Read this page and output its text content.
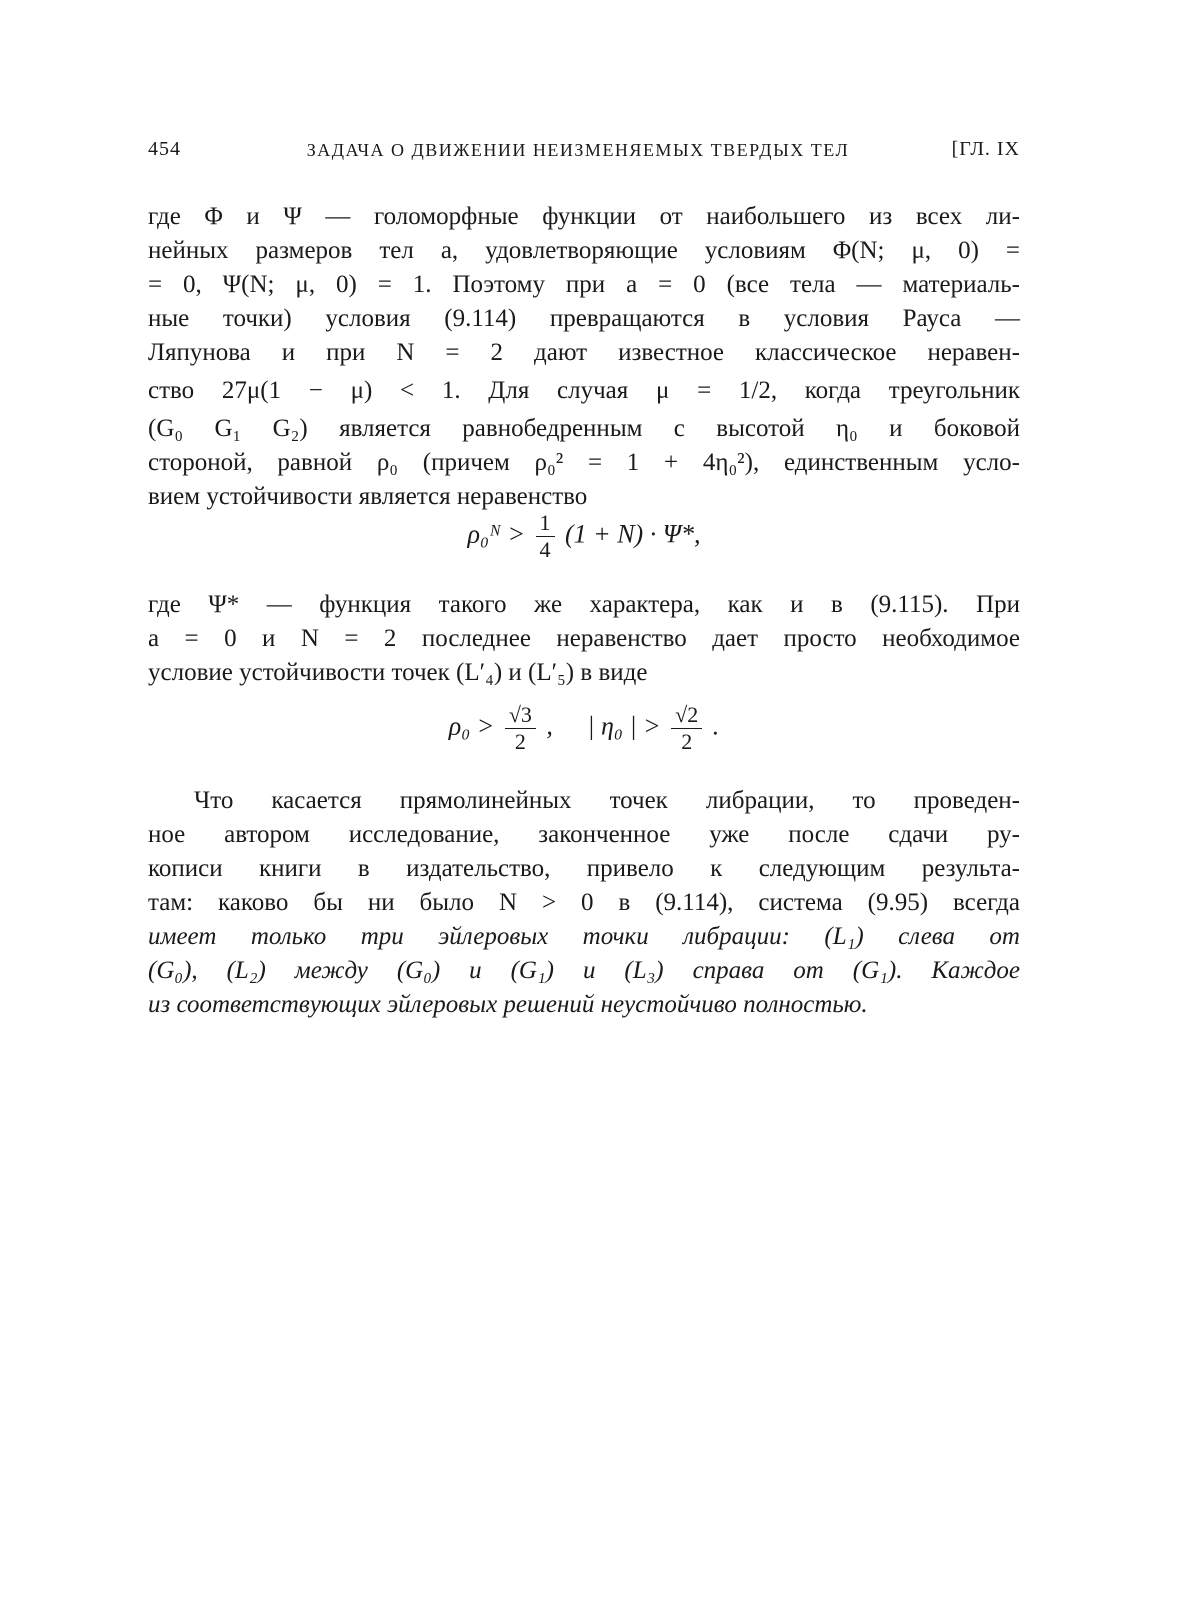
454	ЗАДАЧА О ДВИЖЕНИИ НЕИЗМЕНЯЕМЫХ ТВЕРДЫХ ТЕЛ	[ГЛ. IX
где Φ и Ψ — голоморфные функции от наибольшего из всех ли-
нейных размеров тел a, удовлетворяющие условиям Φ(N; μ, 0) =
= 0, Ψ(N; μ, 0) = 1. Поэтому при a = 0 (все тела — материаль-
ные точки) условия (9.114) превращаются в условия Рауса —
Ляпунова и при N = 2 дают известное классическое неравен-
ство 27μ(1 − μ) < 1. Для случая μ = 1/2, когда треугольник
(G₀ G₁ G₂) является равнобедренным с высотой η₀ и боковой
стороной, равной ρ₀ (причем ρ₀² = 1 + 4η₀²), единственным усло-
вием устойчивости является неравенство
ρ₀ᴺ > $\frac{1}{4} (1 + N) \cdot \Psi*$,
где Ψ* — функция такого же характера, как и в (9.115). При
a = 0 и N = 2 последнее неравенство дает просто необходимое
условие устойчивости точек (L′₄) и (L′₅) в виде
$\rho_0 > \frac{√3}{2}$ , | η₀ | > $\frac{√2}{2}$ .
Что касается прямолинейных точек либрации, то проведен-
ное автором исследование, законченное уже после сдачи ру-
кописи книги в издательство, привело к следующим результа-
там: каково бы ни было N > 0 в (9.114), система (9.95) всегда
имеет только три эйлеровых точки либрации: (L₁) слева от
(G₀), (L₂) между (G₀) и (G₁) и (L₃) справа от (G₁). Каждое
из соответствующих эйлеровых решений неустойчиво полностью.
